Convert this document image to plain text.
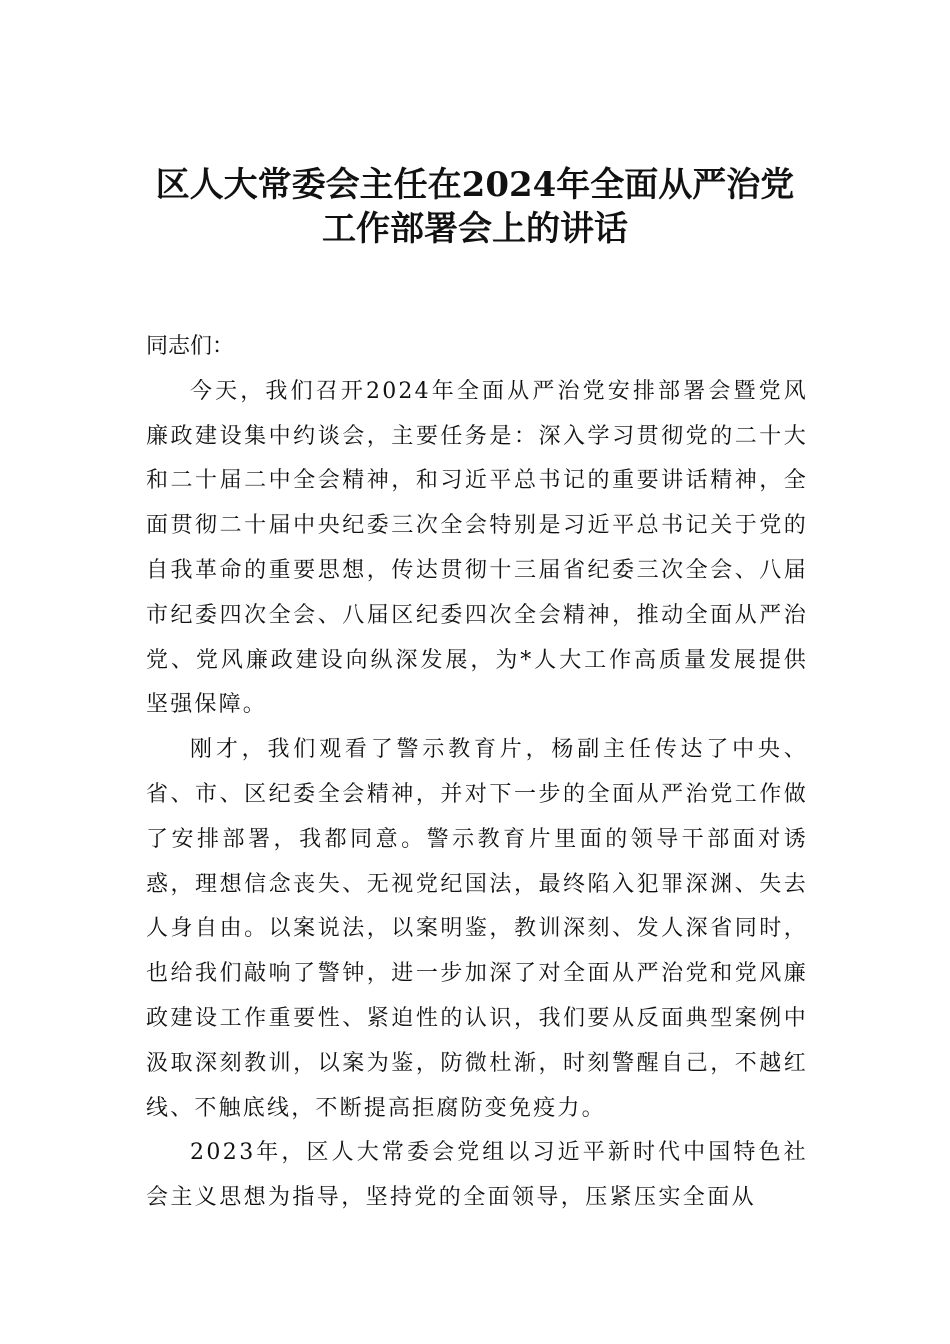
区人大常委会主任在2024年全面从严治党
工作部署会上的讲话

同志们：

今天，我们召开2024年全面从严治党安排部署会暨党风廉政建设集中约谈会，主要任务是：深入学习贯彻党的二十大和二十届二中全会精神，和习近平总书记的重要讲话精神，全面贯彻二十届中央纪委三次全会特别是习近平总书记关于党的自我革命的重要思想，传达贯彻十三届省纪委三次全会、八届市纪委四次全会、八届区纪委四次全会精神，推动全面从严治党、党风廉政建设向纵深发展，为*人大工作高质量发展提供坚强保障。

刚才，我们观看了警示教育片，杨副主任传达了中央、省、市、区纪委全会精神，并对下一步的全面从严治党工作做了安排部署，我都同意。警示教育片里面的领导干部面对诱惑，理想信念丧失、无视党纪国法，最终陷入犯罪深渊、失去人身自由。以案说法，以案明鉴，教训深刻、发人深省同时，也给我们敲响了警钟，进一步加深了对全面从严治党和党风廉政建设工作重要性、紧迫性的认识，我们要从反面典型案例中汲取深刻教训，以案为鉴，防微杜渐，时刻警醒自己，不越红线、不触底线，不断提高拒腐防变免疫力。

2023年，区人大常委会党组以习近平新时代中国特色社会主义思想为指导，坚持党的全面领导，压紧压实全面从
